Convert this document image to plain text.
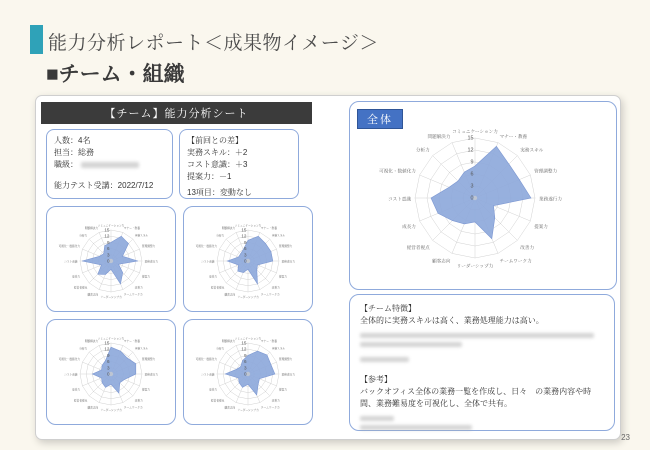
能力分析レポート＜成果物イメージ＞
■チーム・組織
【チーム】能力分析シート
人数：4名
担当：総務
職級：
能力テスト受講：2022/7/12
【前回との差】
実務スキル：＋2
コスト意識：＋3
提案力：－1
13項目：変動なし
0
3
6
9
12
15
コミュニケーション力
マナー・教養
実務スキル
管理調整力
業務遂行力
提案力
改善力
チームワーク力
リーダーシップ力
顧客志向
経営者視点
成長力
コスト意識
可視化・数値化力
分析力
問題解決力
0
3
6
9
12
15
コミュニケーション力
マナー・教養
実務スキル
管理調整力
業務遂行力
提案力
改善力
チームワーク力
リーダーシップ力
顧客志向
経営者視点
成長力
コスト意識
可視化・数値化力
分析力
問題解決力
0
3
6
9
12
15
コミュニケーション力
マナー・教養
実務スキル
管理調整力
業務遂行力
提案力
改善力
チームワーク力
リーダーシップ力
顧客志向
経営者視点
成長力
コスト意識
可視化・数値化力
分析力
問題解決力
0
3
6
9
12
15
コミュニケーション力
マナー・教養
実務スキル
管理調整力
業務遂行力
提案力
改善力
チームワーク力
リーダーシップ力
顧客志向
経営者視点
成長力
コスト意識
可視化・数値化力
分析力
問題解決力
全体
0
3
6
9
12
15
コミュニケーション力
マナー・教養
実務スキル
管理調整力
業務遂行力
提案力
改善力
チームワーク力
リーダーシップ力
顧客志向
経営者視点
成長力
コスト意識
可視化・数値化力
分析力
問題解決力
【チーム特徴】
全体的に実務スキルは高く、業務処理能力は高い。
【参考】
バックオフィス全体の業務一覧を作成し、日々　の業務内容や時間、業務難易度を可視化し、全体で共有。
23
